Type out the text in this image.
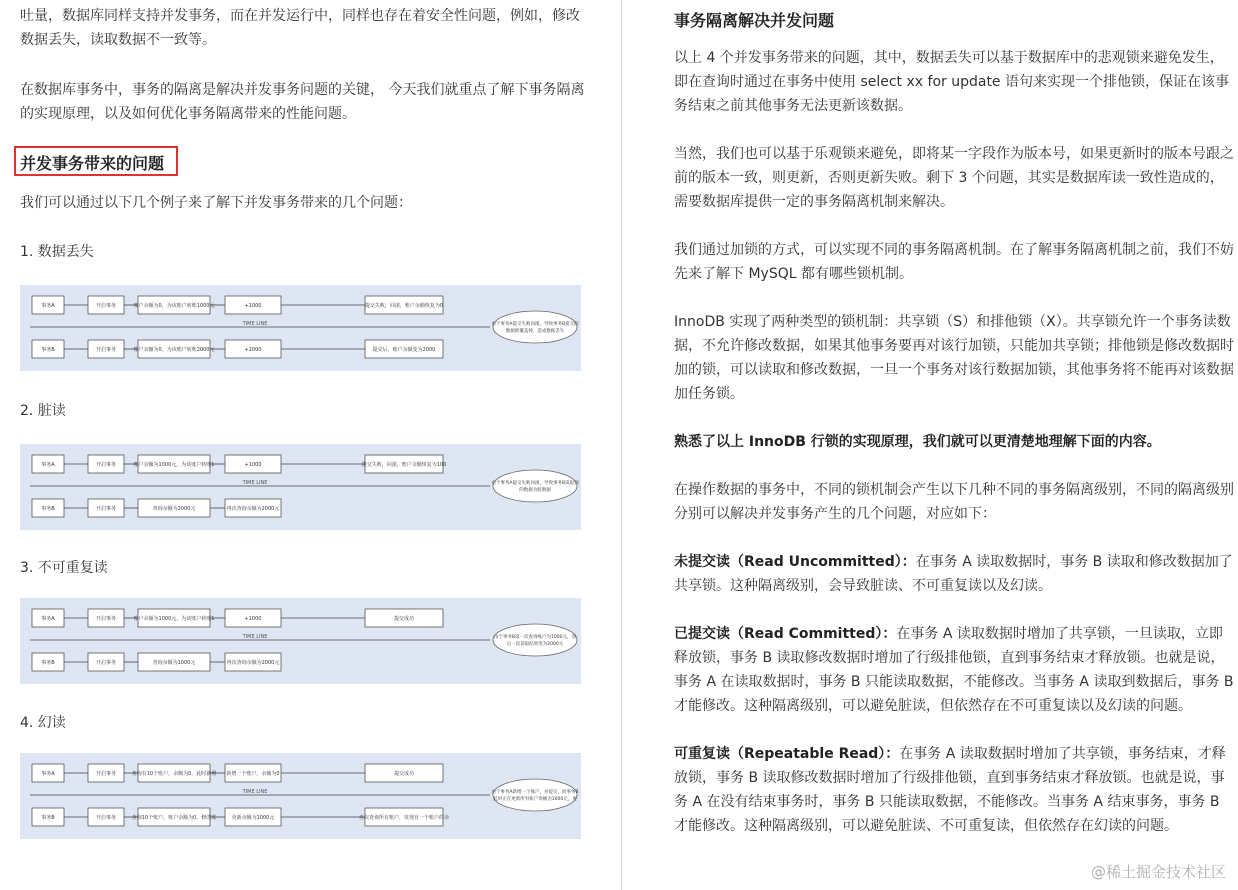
吐量，数据库同样支持并发事务，而在并发运行中，同样也存在着安全性问题，例如，修改数据丢失，读取数据不一致等。

在数据库事务中，事务的隔离是解决并发事务问题的关键， 今天我们就重点了解下事务隔离的实现原理，以及如何优化事务隔离带来的性能问题。

并发事务带来的问题

我们可以通过以下几个例子来了解下并发事务带来的几个问题：

1. 数据丢失

事务A	开启事务	账户余额为0，为该账户转账1000元	+1000	提交失败，回滚，账户余额恢复为0
事务B	开启事务	账户余额为0，为该账户转账2000元	+2000	提交后，账户余额变为2000
TIME LINE	由于事务A提交失败回滚，导致事务B提交的
数据被覆盖掉，造成数据丢失

2. 脏读

事务A	开启事务	账户余额为1000元，为该账户转账1	+1000	提交失败，回滚，账户余额恢复为100
事务B	开启事务	查询余额为2000元	再次查询余额为2000元
TIME LINE	由于事务A提交失败回滚，导致事务B读取到
的数据为脏数据

3. 不可重复读

事务A	开启事务	账户余额为1000元，为该账户转账1	+1000	提交成功
事务B	开启事务	查询余额为1000元	再次查询余额为2000元
TIME LINE	由于事务B第一次查询账户为1000元，而
后一次读取结果变为2000元

4. 幻读

事务A	开启事务	查询有10个账户，余额为0，此时新增 新增一个账户，余额为0	提交成功
事务B	开启事务	查询10个账户，账户余额为0，修改账	更新余额为1000元	再次查询所有账户，发现有一个账户的余
TIME LINE	由于事务A新增一个账户，并提交，而事务B
此时正在更新所有账户余额为1000元，更

事务隔离解决并发问题

以上 4 个并发事务带来的问题，其中，数据丢失可以基于数据库中的悲观锁来避免发生，即在查询时通过在事务中使用 select xx for update 语句来实现一个排他锁，保证在该事务结束之前其他事务无法更新该数据。

当然，我们也可以基于乐观锁来避免，即将某一字段作为版本号，如果更新时的版本号跟之前的版本一致，则更新，否则更新失败。剩下 3 个问题，其实是数据库读一致性造成的，需要数据库提供一定的事务隔离机制来解决。

我们通过加锁的方式，可以实现不同的事务隔离机制。在了解事务隔离机制之前，我们不妨先来了解下 MySQL 都有哪些锁机制。

InnoDB 实现了两种类型的锁机制：共享锁（S）和排他锁（X）。共享锁允许一个事务读数据，不允许修改数据，如果其他事务要再对该行加锁，只能加共享锁；排他锁是修改数据时加的锁，可以读取和修改数据，一旦一个事务对该行数据加锁，其他事务将不能再对该数据加任务锁。

熟悉了以上 InnoDB 行锁的实现原理，我们就可以更清楚地理解下面的内容。

在操作数据的事务中，不同的锁机制会产生以下几种不同的事务隔离级别，不同的隔离级别分别可以解决并发事务产生的几个问题，对应如下：

未提交读（Read Uncommitted）：在事务 A 读取数据时，事务 B 读取和修改数据加了共享锁。这种隔离级别，会导致脏读、不可重复读以及幻读。

已提交读（Read Committed）：在事务 A 读取数据时增加了共享锁，一旦读取，立即释放锁，事务 B 读取修改数据时增加了行级排他锁，直到事务结束才释放锁。也就是说，事务 A 在读取数据时，事务 B 只能读取数据，不能修改。当事务 A 读取到数据后，事务 B 才能修改。这种隔离级别，可以避免脏读，但依然存在不可重复读以及幻读的问题。

可重复读（Repeatable Read）：在事务 A 读取数据时增加了共享锁，事务结束，才释放锁，事务 B 读取修改数据时增加了行级排他锁，直到事务结束才释放锁。也就是说，事务 A 在没有结束事务时，事务 B 只能读取数据，不能修改。当事务 A 结束事务，事务 B 才能修改。这种隔离级别，可以避免脏读、不可重复读，但依然存在幻读的问题。

@稀土掘金技术社区
